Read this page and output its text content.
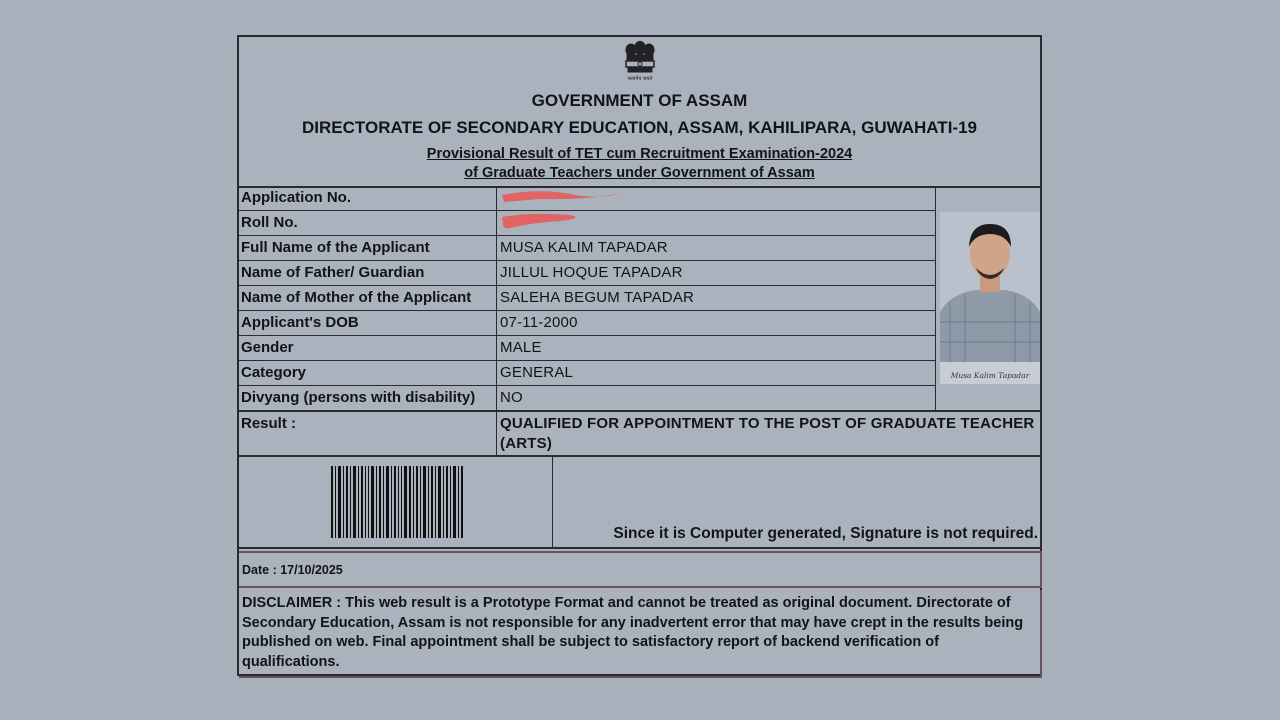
सत्यमेव जयते
GOVERNMENT OF ASSAM
DIRECTORATE OF SECONDARY EDUCATION, ASSAM, KAHILIPARA, GUWAHATI-19
Provisional Result of TET cum Recruitment Examination-2024
of Graduate Teachers under Government of Assam
Application No.
Roll No.
Full Name of the Applicant	MUSA KALIM TAPADAR
Name of Father/ Guardian	JILLUL HOQUE TAPADAR
Name of Mother of the Applicant	SALEHA BEGUM TAPADAR
Applicant's DOB	07-11-2000
Gender	MALE
Category	GENERAL
Divyang (persons with disability)	NO
Musa Kalim Tapadar
Result :	QUALIFIED FOR APPOINTMENT TO THE POST OF GRADUATE TEACHER (ARTS)
Since it is Computer generated, Signature is not required.
Date : 17/10/2025
DISCLAIMER : This web result is a Prototype Format and cannot be treated as original document. Directorate of Secondary Education, Assam is not responsible for any inadvertent error that may have crept in the results being published on web. Final appointment shall be subject to satisfactory report of backend verification of qualifications.
